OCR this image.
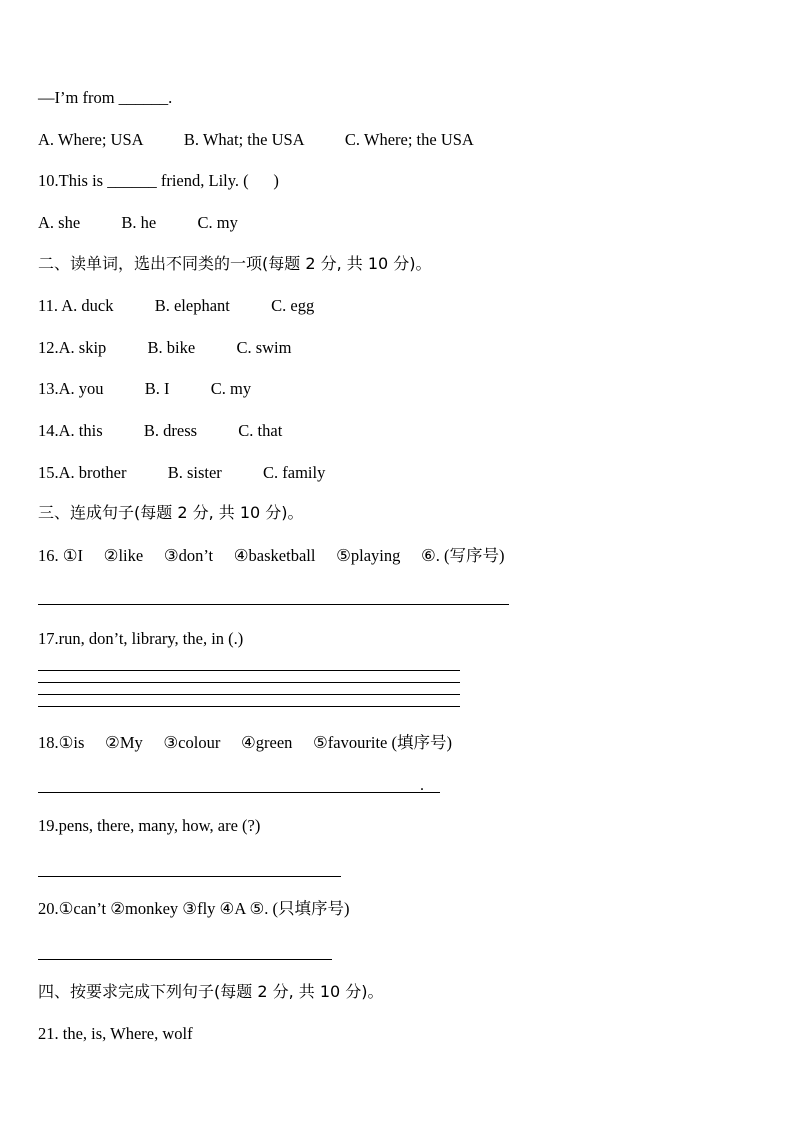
—I’m from ______.
A. Where; USA          B. What; the USA          C. Where; the USA
10.This is ______ friend, Lily. (      )
A. she          B. he          C. my
二、读单词，选出不同类的一项(每题 2 分, 共 10 分)。
11. A. duck          B. elephant          C. egg
12.A. skip          B. bike          C. swim
13.A. you          B. I          C. my
14.A. this          B. dress          C. that
15.A. brother          B. sister          C. family
三、连成句子(每题 2 分, 共 10 分)。
16. ①I     ②like     ③don’t     ④basketball     ⑤playing     ⑥. (写序号)
17.run, don’t, library, the, in (.)
18.①is     ②My     ③colour     ④green     ⑤favourite (填序号)
.
19.pens, there, many, how, are (?)
20.①can’t ②monkey ③fly ④A ⑤. (只填序号)
四、按要求完成下列句子(每题 2 分, 共 10 分)。
21. the, is, Where, wolf
